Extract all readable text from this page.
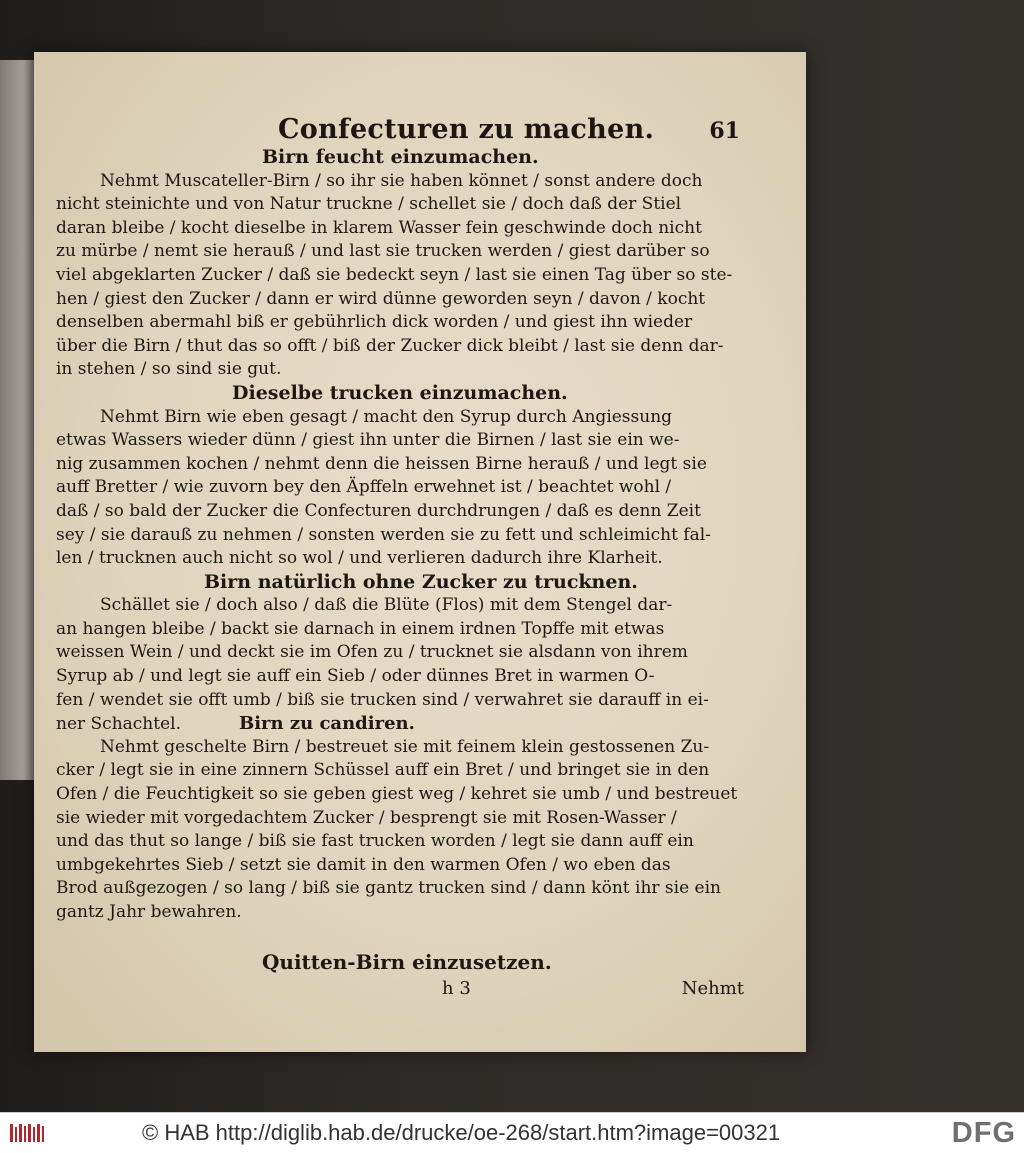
Confecturen zu machen.	61
Birn feucht einzumachen.
Nehmt Muscateller-Birn / so ihr sie haben könnet / sonst andere doch
nicht steinichte und von Natur truckne / schellet sie / doch daß der Stiel
daran bleibe / kocht dieselbe in klarem Wasser fein geschwinde doch nicht
zu mürbe / nemt sie herauß / und last sie trucken werden / giest darüber so
viel abgeklarten Zucker / daß sie bedeckt seyn / last sie einen Tag über so ste-
hen / giest den Zucker / dann er wird dünne geworden seyn / davon / kocht
denselben abermahl biß er gebührlich dick worden / und giest ihn wieder
über die Birn / thut das so offt / biß der Zucker dick bleibt / last sie denn dar-
in stehen / so sind sie gut.
Dieselbe trucken einzumachen.
Nehmt Birn wie eben gesagt / macht den Syrup durch Angiessung
etwas Wassers wieder dünn / giest ihn unter die Birnen / last sie ein we-
nig zusammen kochen / nehmt denn die heissen Birne herauß / und legt sie
auff Bretter / wie zuvorn bey den Äpffeln erwehnet ist / beachtet wohl /
daß / so bald der Zucker die Confecturen durchdrungen / daß es denn Zeit
sey / sie darauß zu nehmen / sonsten werden sie zu fett und schleimicht fal-
len / trucknen auch nicht so wol / und verlieren dadurch ihre Klarheit.
Birn natürlich ohne Zucker zu trucknen.
Schället sie / doch also / daß die Blüte (Flos) mit dem Stengel dar-
an hangen bleibe / backt sie darnach in einem irdnen Topffe mit etwas
weissen Wein / und deckt sie im Ofen zu / trucknet sie alsdann von ihrem
Syrup ab / und legt sie auff ein Sieb / oder dünnes Bret in warmen O-
fen / wendet sie offt umb / biß sie trucken sind / verwahret sie darauff in ei-
ner Schachtel.	Birn zu candiren.
Nehmt geschelte Birn / bestreuet sie mit feinem klein gestossenen Zu-
cker / legt sie in eine zinnern Schüssel auff ein Bret / und bringet sie in den
Ofen / die Feuchtigkeit so sie geben giest weg / kehret sie umb / und bestreuet
sie wieder mit vorgedachtem Zucker / besprengt sie mit Rosen-Wasser /
und das thut so lange / biß sie fast trucken worden / legt sie dann auff ein
umbgekehrtes Sieb / setzt sie damit in den warmen Ofen / wo eben das
Brod außgezogen / so lang / biß sie gantz trucken sind / dann könt ihr sie ein
gantz Jahr bewahren.
Quitten-Birn einzusetzen.
h 3	Nehmt
© HAB http://diglib.hab.de/drucke/oe-268/start.htm?image=00321	DFG
